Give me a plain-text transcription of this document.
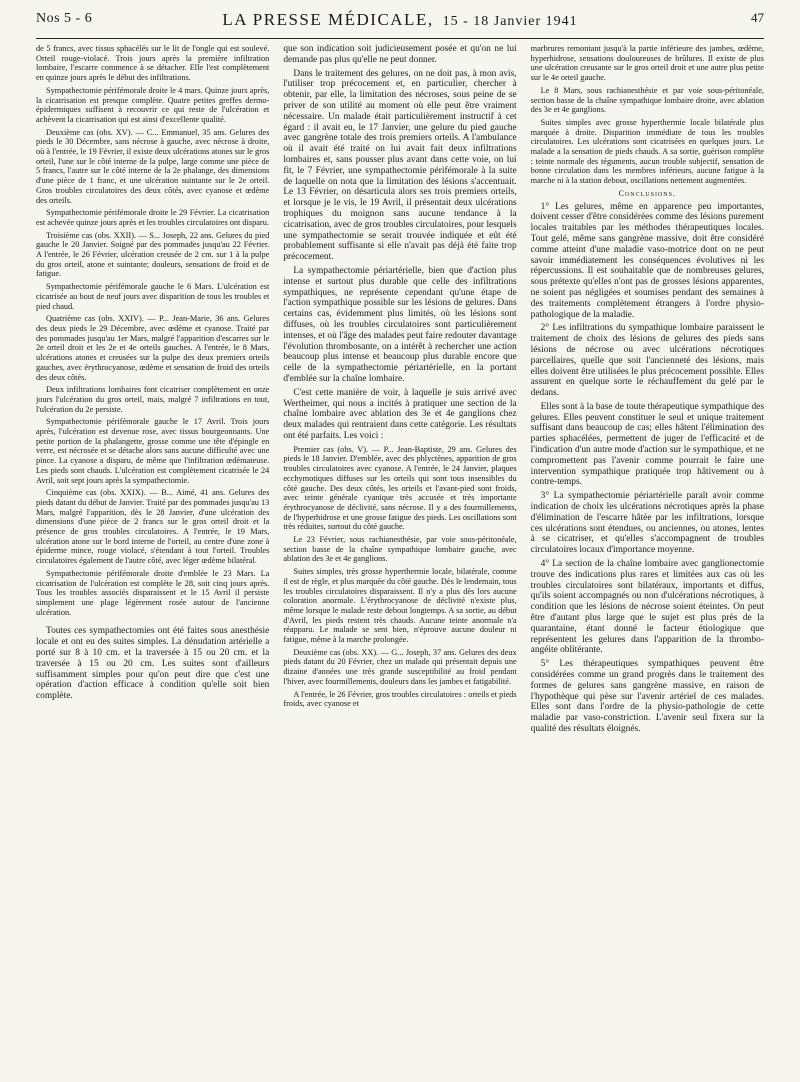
Nos 5 - 6	LA PRESSE MÉDICALE, 15 - 18 Janvier 1941	47

de 5 francs, avec tissus sphacélés sur le lit de l'ongle qui est soulevé. Orteil rouge-violacé. Trois jours après la première infiltration lombaire, l'escarre commence à se détacher. Elle l'est complètement en quinze jours après le début des infiltrations.

Sympathectomie périfémorale droite le 4 mars. Quinze jours après, la cicatrisation est presque complète. Quatre petites greffes dermo-épidermiques suffisent à recouvrir ce qui reste de l'ulcération et achèvent la cicatrisation qui est ainsi d'excellente qualité.

Deuxième cas (obs. XV). — C... Emmanuel, 35 ans. Gelures des pieds le 30 Décembre, sans nécrose à gauche, avec nécrose à droite, où à l'entrée, le 19 Février, il existe deux ulcérations atones sur le gros orteil, l'une sur le côté interne de la pulpe, large comme une pièce de 5 francs, l'autre sur le côté interne de la 2e phalange, des dimensions d'une pièce de 1 franc, et une ulcération suintante sur le 2e orteil. Gros troubles circulatoires des deux côtés, avec cyanose et œdème des orteils.

Sympathectomie périfémorale droite le 29 Février. La cicatrisation est achevée quinze jours après et les troubles circulatoires ont disparu.

Troisième cas (obs. XXII). — S... Joseph, 22 ans. Gelures du pied gauche le 20 Janvier. Soigné par des pommades jusqu'au 22 Février. A l'entrée, le 26 Février, ulcération creusée de 2 cm. sur 1 à la pulpe du gros orteil, atone et suintante; douleurs, sensations de froid et de fatigue.

Sympathectomie périfémorale gauche le 6 Mars. L'ulcération est cicatrisée au bout de neuf jours avec disparition de tous les troubles et pied chaud.

Quatrième cas (obs. XXIV). — P... Jean-Marie, 36 ans. Gelures des deux pieds le 29 Décembre, avec œdème et cyanose. Traité par des pommades jusqu'au 1er Mars, malgré l'apparition d'escarres sur le 2e orteil droit et les 2e et 4e orteils gauches. A l'entrée, le 8 Mars, ulcérations atones et creusées sur la pulpe des deux premiers orteils gauches, avec érythrocyanose, œdème et sensation de froid des orteils des deux côtés.

Deux infiltrations lombaires font cicatriser complètement en onze jours l'ulcération du gros orteil, mais, malgré 7 infiltrations en tout, l'ulcération du 2e persiste.

Sympathectomie périfémorale gauche le 17 Avril. Trois jours après, l'ulcération est devenue rose, avec tissus bourgeonnants. Une petite portion de la phalangette, grosse comme une tête d'épingle en verre, est nécrosée et se détache alors sans aucune difficulté avec une pince. La cyanose a disparu, de même que l'infiltration œdémateuse. Les pieds sont chauds. L'ulcération est complètement cicatrisée le 24 Avril, soit sept jours après la sympathectomie.

Cinquième cas (obs. XXIX). — B... Aimé, 41 ans. Gelures des pieds datant du début de Janvier. Traité par des pommades jusqu'au 13 Mars, malgré l'apparition, dès le 28 Janvier, d'une ulcération des dimensions d'une pièce de 2 francs sur le gros orteil droit et la présence de gros troubles circulatoires. A l'entrée, le 19 Mars, ulcération atone sur le bord interne de l'orteil, au centre d'une zone à épiderme mince, rouge violacé, s'étendant à tout l'orteil. Troubles circulatoires également de l'autre côté, avec léger œdème bilatéral.

Sympathectomie périfémorale droite d'emblée le 23 Mars. La cicatrisation de l'ulcération est complète le 28, soit cinq jours après. Tous les troubles associés disparaissent et le 15 Avril il persiste simplement une plage légèrement rosée autour de l'ancienne ulcération.

Toutes ces sympathectomies ont été faites sous anesthésie locale et ont eu des suites simples. La dénudation artérielle a porté sur 8 à 10 cm. et la traversée à 15 ou 20 cm. et la traversée à 15 ou 20 cm. Les suites sont d'ailleurs suffisamment simples pour qu'on peut dire que c'est une opération d'action efficace à condition qu'elle soit bien complète.

que son indication soit judicieusement posée et qu'on ne lui demande pas plus qu'elle ne peut donner.

Dans le traitement des gelures, on ne doit pas, à mon avis, l'utiliser trop précocement et, en particulier, chercher à obtenir, par elle, la limitation des nécroses, sous peine de se priver de son utilité au moment où elle peut être vraiment nécessaire. Un malade était particulièrement instructif à cet égard : il avait eu, le 17 Janvier, une gelure du pied gauche avec gangrène totale des trois premiers orteils. A l'ambulance où il avait été traité on lui avait fait deux infiltrations lombaires et, sans pousser plus avant dans cette voie, on lui fit, le 7 Février, une sympathectomie périfémorale à la suite de laquelle on nota que la limitation des lésions s'accentuait. Le 13 Février, on désarticula alors ses trois premiers orteils, et lorsque je le vis, le 19 Avril, il présentait deux ulcérations trophiques du moignon sans aucune tendance à la cicatrisation, avec de gros troubles circulatoires, pour lesquels une sympathectomie se serait trouvée indiquée et eût été probablement suffisante si elle n'avait pas déjà été faite trop précocement.

La sympathectomie périartérielle, bien que d'action plus intense et surtout plus durable que celle des infiltrations sympathiques, ne représente cependant qu'une étape de l'action sympathique possible sur les lésions de gelures. Dans certains cas, évidemment plus limités, où les lésions sont diffuses, où les troubles circulatoires sont particulièrement intenses, et où l'âge des malades peut faire redouter davantage l'évolution thrombosante, on a intérêt à rechercher une action beaucoup plus intense et beaucoup plus durable encore que celle de la sympathectomie périartérielle, en la portant d'emblée sur la chaîne lombaire.

C'est cette manière de voir, à laquelle je suis arrivé avec Wertheimer, qui nous a incités à pratiquer une section de la chaîne lombaire avec ablation des 3e et 4e ganglions chez deux malades qui rentraient dans cette catégorie. Les résultats ont été parfaits. Les voici :

Premier cas (obs. V). — P... Jean-Baptiste, 29 ans. Gelures des pieds le 18 Janvier. D'emblée, avec des phlyctènes, apparition de gros troubles circulatoires avec cyanose. A l'entrée, le 24 Janvier, plaques ecchymotiques diffuses sur les orteils qui sont tous insensibles du côté gauche. Des deux côtés, les orteils et l'avant-pied sont froids, avec teinte générale cyanique très accusée et très importante érythrocyanose de déclivité, sans nécrose. Il y a des fourmillements, de l'hyperhidrose et une grosse fatigue des pieds. Les oscillations sont très réduites, surtout du côté gauche.

Le 23 Février, sous rachianesthésie, par voie sous-péritonéale, section basse de la chaîne sympathique lombaire gauche, avec ablation des 3e et 4e ganglions.

Suites simples, très grosse hyperthermie locale, bilatérale, comme il est de règle, et plus marquée du côté gauche. Dès le lendemain, tous les troubles circulatoires disparaissent. Il n'y a plus dès lors aucune coloration anormale. L'érythrocyanose de déclivité n'existe plus, même lorsque le malade reste debout longtemps. A sa sortie, au début d'Avril, les pieds restent très chauds. Aucune teinte anormale n'a réapparu. Le malade se sent bien, n'éprouve aucune douleur ni fatigue, même à la marche prolongée.

Deuxième cas (obs. XX). — G... Joseph, 37 ans. Gelures des deux pieds datant du 20 Février, chez un malade qui présentait depuis une dizaine d'années une très grande susceptibilité au froid pendant l'hiver, avec fourmillements, douleurs dans les jambes et fatigabilité.

A l'entrée, le 26 Février, gros troubles circulatoires : orteils et pieds froids, avec cyanose et

marbrures remontant jusqu'à la partie inférieure des jambes, œdème, hyperhidrose, sensations douloureuses de brûlures. Il existe de plus une ulcération creusante sur le gros orteil droit et une autre plus petite sur le 4e orteil gauche.

Le 8 Mars, sous rachianesthésie et par voie sous-péritonéale, section basse de la chaîne sympathique lombaire droite, avec ablation des 3e et 4e ganglions.

Suites simples avec grosse hyperthermie locale bilatérale plus marquée à droite. Disparition immédiate de tous les troubles circulatoires. Les ulcérations sont cicatrisées en quelques jours. Le malade a la sensation de pieds chauds. A sa sortie, guérison complète : teinte normale des téguments, aucun trouble subjectif, sensation de bonne circulation dans les membres inférieurs, aucune fatigue à la marche ni à la station debout, oscillations nettement augmentées.

Conclusions.

1° Les gelures, même en apparence peu importantes, doivent cesser d'être considérées comme des lésions purement locales traitables par les méthodes thérapeutiques locales. Tout gelé, même sans gangrène massive, doit être considéré comme atteint d'une maladie vaso-motrice dont on ne peut savoir immédiatement les conséquences évolutives ni les répercussions. Il est souhaitable que de nombreuses gelures, sous prétexte qu'elles n'ont pas de grosses lésions apparentes, ne soient pas négligées et soumises pendant des semaines à des traitements complètement étrangers à l'ordre physio-pathologique de la maladie.

2° Les infiltrations du sympathique lombaire paraissent le traitement de choix des lésions de gelures des pieds sans lésions de nécrose ou avec ulcérations nécrotiques parcellaires, quelle que soit l'ancienneté des lésions, mais elles doivent être utilisées le plus précocement possible. Elles assurent en quelque sorte le réchauffement du gelé par le dedans.

Elles sont à la base de toute thérapeutique sympathique des gelures. Elles peuvent constituer le seul et unique traitement suffisant dans beaucoup de cas; elles hâtent l'élimination des parties sphacélées, permettent de juger de l'efficacité et de l'indication d'un autre mode d'action sur le sympathique, et ne compromettent pas l'avenir comme pourrait le faire une intervention sympathique pratiquée trop hâtivement ou à contre-temps.

3° La sympathectomie périartérielle paraît avoir comme indication de choix les ulcérations nécrotiques après la phase d'élimination de l'escarre hâtée par les infiltrations, lorsque ces ulcérations sont étendues, ou anciennes, ou atones, lentes à se cicatriser, et qu'elles s'accompagnent de troubles circulatoires locaux d'importance moyenne.

4° La section de la chaîne lombaire avec ganglionectomie trouve des indications plus rares et limitées aux cas où les troubles circulatoires sont bilatéraux, importants et diffus, qu'ils soient accompagnés ou non d'ulcérations nécrotiques, à condition que les lésions de nécrose soient éteintes. On peut être d'autant plus large que le sujet est plus près de la quarantaine, étant donné le facteur étiologique que représentent les gelures dans l'apparition de la thrombo-angéite oblitérante.

5° Les thérapeutiques sympathiques peuvent être considérées comme un grand progrès dans le traitement des formes de gelures sans gangrène massive, en raison de l'hypothèque qui pèse sur l'avenir artériel de ces malades. Elles sont dans l'ordre de la physio-pathologie de cette maladie par vaso-constriction. L'avenir seul fixera sur la qualité des résultats éloignés.
